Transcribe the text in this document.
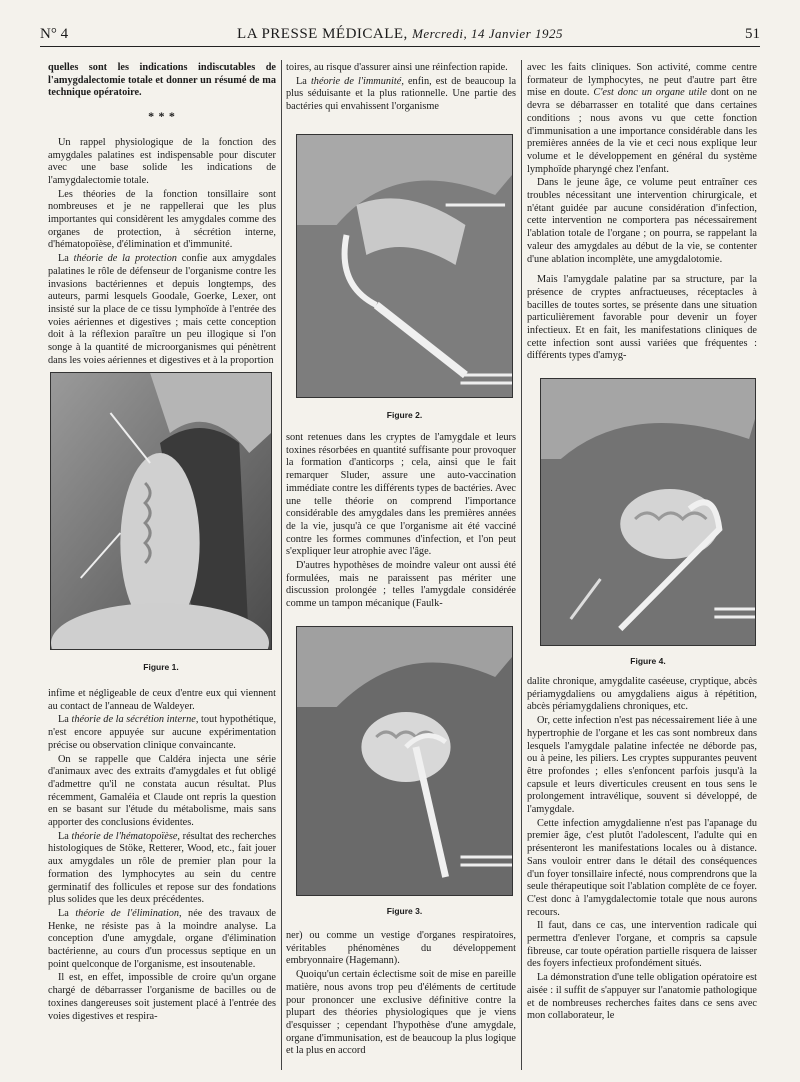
N° 4	LA PRESSE MÉDICALE, Mercredi, 14 Janvier 1925	51

quelles sont les indications indiscutables de l'amygdalectomie totale et donner un résumé de ma technique opératoire.

* * *

Un rappel physiologique de la fonction des amygdales palatines est indispensable pour discuter avec une base solide les indications de l'amygdalectomie totale.

Les théories de la fonction tonsillaire sont nombreuses et je ne rappellerai que les plus importantes qui considèrent les amygdales comme des organes de protection, à sécrétion interne, d'hématopoïèse, d'élimination et d'immunité.

La théorie de la protection confie aux amygdales palatines le rôle de défenseur de l'organisme contre les invasions bactériennes et depuis longtemps, des auteurs, parmi lesquels Goodale, Goerke, Lexer, ont insisté sur la place de ce tissu lymphoïde à l'entrée des voies aériennes et digestives ; mais cette conception doit à la réflexion paraître un peu illogique si l'on songe à la quantité de microorganismes qui pénètrent dans les voies aériennes et digestives et à la proportion

Figure 1.

infime et négligeable de ceux d'entre eux qui viennent au contact de l'anneau de Waldeyer.

La théorie de la sécrétion interne, tout hypothétique, n'est encore appuyée sur aucune expérimentation précise ou observation clinique convaincante.

On se rappelle que Caldéra injecta une série d'animaux avec des extraits d'amygdales et fut obligé d'admettre qu'il ne constata aucun résultat. Plus récemment, Gamaléia et Claude ont repris la question en se basant sur l'étude du métabolisme, mais sans apporter des conclusions évidentes.

La théorie de l'hématopoïèse, résultat des recherches histologiques de Stöke, Retterer, Wood, etc., fait jouer aux amygdales un rôle de premier plan pour la formation des lymphocytes au sein du centre germinatif des follicules et repose sur des fondations plus solides que les deux précédentes.

La théorie de l'élimination, née des travaux de Henke, ne résiste pas à la moindre analyse. La conception d'une amygdale, organe d'élimination bactérienne, au cours d'un processus septique en un point quelconque de l'organisme, est insoutenable.

Il est, en effet, impossible de croire qu'un organe chargé de débarrasser l'organisme de bacilles ou de toxines dangereuses soit justement placé à l'entrée des voies digestives et respira-

toires, au risque d'assurer ainsi une réinfection rapide.

La théorie de l'immunité, enfin, est de beaucoup la plus séduisante et la plus rationnelle. Une partie des bactéries qui envahissent l'organisme

Figure 2.

sont retenues dans les cryptes de l'amygdale et leurs toxines résorbées en quantité suffisante pour provoquer la formation d'anticorps ; cela, ainsi que le fait remarquer Sluder, assure une auto-vaccination immédiate contre les différents types de bactéries. Avec une telle théorie on comprend l'importance considérable des amygdales dans les premières années de la vie, jusqu'à ce que l'organisme ait été vacciné contre les formes communes d'infection, et l'on peut s'expliquer leur atrophie avec l'âge.

D'autres hypothèses de moindre valeur ont aussi été formulées, mais ne paraissent pas mériter une discussion prolongée ; telles l'amygdale considérée comme un tampon mécanique (Faulk-

Figure 3.

ner) ou comme un vestige d'organes respiratoires, véritables phénomènes du développement embryonnaire (Hagemann).

Quoiqu'un certain éclectisme soit de mise en pareille matière, nous avons trop peu d'éléments de certitude pour prononcer une exclusive définitive contre la plupart des théories physiologiques que je viens d'esquisser ; cependant l'hypothèse d'une amygdale, organe d'immunisation, est de beaucoup la plus logique et la plus en accord

avec les faits cliniques. Son activité, comme centre formateur de lymphocytes, ne peut d'autre part être mise en doute. C'est donc un organe utile dont on ne devra se débarrasser en totalité que dans certaines conditions ; nous avons vu que cette fonction d'immunisation a une importance considérable dans les premières années de la vie et ceci nous explique leur volume et le développement en général du système lymphoïde pharyngé chez l'enfant.

Dans le jeune âge, ce volume peut entraîner ces troubles nécessitant une intervention chirurgicale, et n'étant guidée par aucune considération d'infection, cette intervention ne comportera pas nécessairement l'ablation totale de l'organe ; on pourra, se rappelant la valeur des amygdales au début de la vie, se contenter d'une ablation incomplète, une amygdalotomie.

Mais l'amygdale palatine par sa structure, par la présence de cryptes anfractueuses, réceptacles à bacilles de toutes sortes, se présente dans une situation particulièrement favorable pour devenir un foyer infectieux. Et en fait, les manifestations cliniques de cette infection sont aussi variées que fréquentes : différents types d'amyg-

Figure 4.

dalite chronique, amygdalite caséeuse, cryptique, abcès périamygdaliens ou amygdaliens aigus à répétition, abcès périamygdaliens chroniques, etc.

Or, cette infection n'est pas nécessairement liée à une hypertrophie de l'organe et les cas sont nombreux dans lesquels l'amygdale palatine infectée ne déborde pas, ou à peine, les piliers. Les cryptes suppurantes peuvent être profondes ; elles s'enfoncent parfois jusqu'à la capsule et leurs diverticules creusent en tous sens le prolongement intravélique, souvent si développé, de l'amygdale.

Cette infection amygdalienne n'est pas l'apanage du premier âge, c'est plutôt l'adolescent, l'adulte qui en présenteront les manifestations locales ou à distance. Sans vouloir entrer dans le détail des conséquences d'un foyer tonsillaire infecté, nous comprendrons que la seule thérapeutique soit l'ablation complète de ce foyer. C'est donc à l'amygdalectomie totale que nous aurons recours.

Il faut, dans ce cas, une intervention radicale qui permettra d'enlever l'organe, et compris sa capsule fibreuse, car toute opération partielle risquera de laisser des foyers infectieux profondément situés.

La démonstration d'une telle obligation opératoire est aisée : il suffit de s'appuyer sur l'anatomie pathologique et de nombreuses recherches faites dans ce sens avec mon collaborateur, le
